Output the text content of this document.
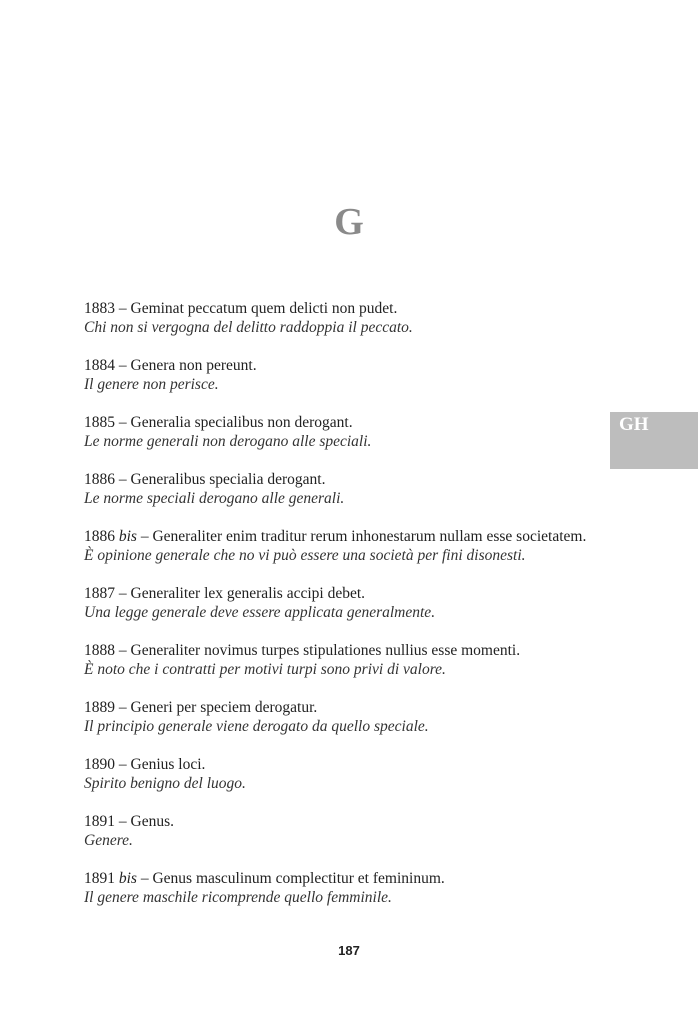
G
GH
1883 – Geminat peccatum quem delicti non pudet.
Chi non si vergogna del delitto raddoppia il peccato.
1884 – Genera non pereunt.
Il genere non perisce.
1885 – Generalia specialibus non derogant.
Le norme generali non derogano alle speciali.
1886 – Generalibus specialia derogant.
Le norme speciali derogano alle generali.
1886 bis – Generaliter enim traditur rerum inhonestarum nullam esse societatem.
È opinione generale che no vi può essere una società per fini disonesti.
1887 – Generaliter lex generalis accipi debet.
Una legge generale deve essere applicata generalmente.
1888 – Generaliter novimus turpes stipulationes nullius esse momenti.
È noto che i contratti per motivi turpi sono privi di valore.
1889 – Generi per speciem derogatur.
Il principio generale viene derogato da quello speciale.
1890 – Genius loci.
Spirito benigno del luogo.
1891 – Genus.
Genere.
1891 bis – Genus masculinum complectitur et femininum.
Il genere maschile ricomprende quello femminile.
187
